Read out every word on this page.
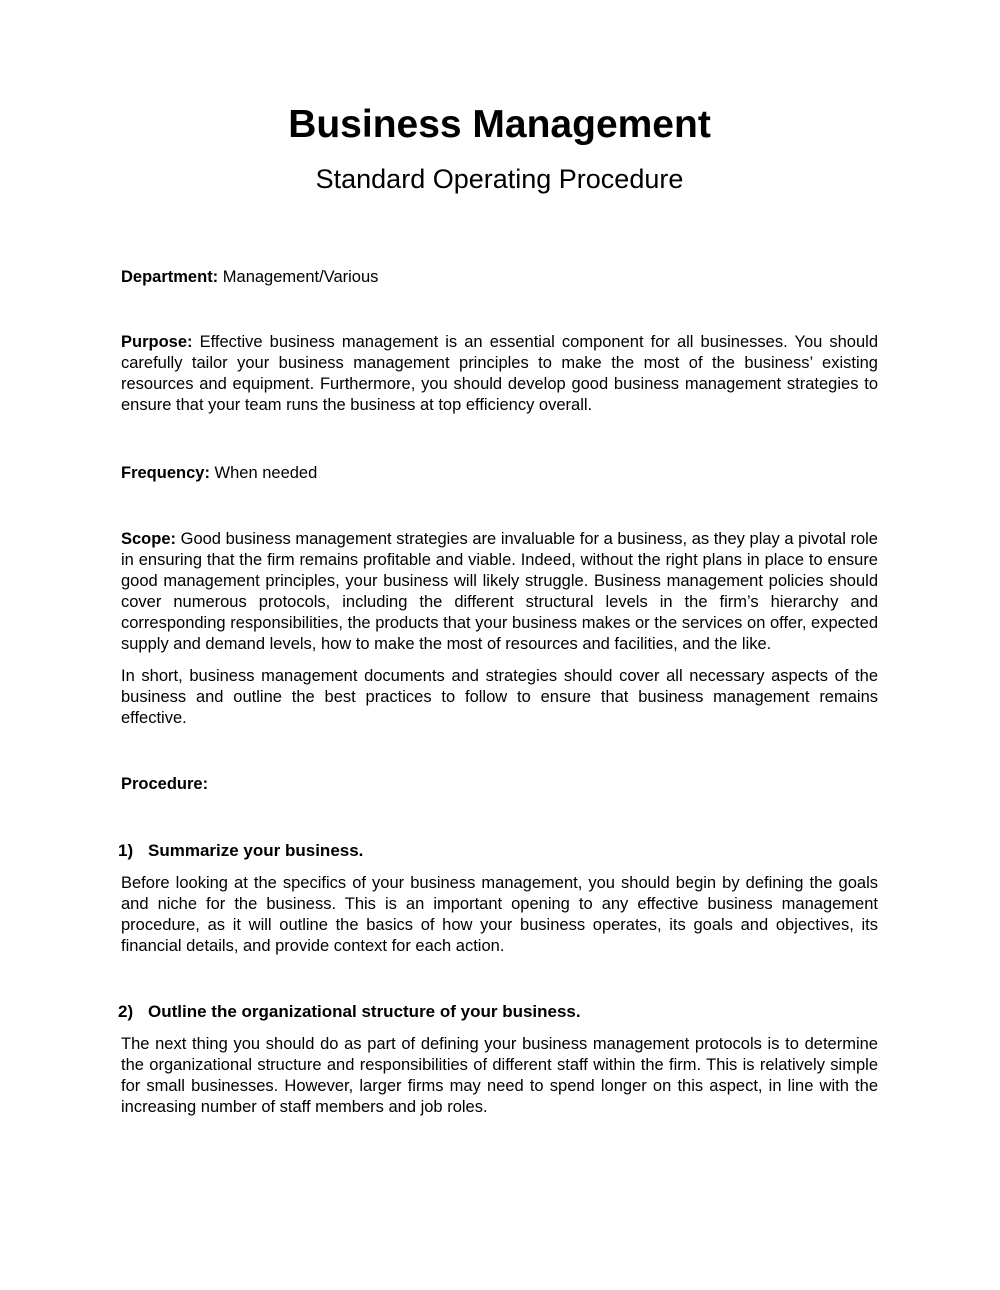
Business Management
Standard Operating Procedure

Department: Management/Various

Purpose: Effective business management is an essential component for all businesses. You should carefully tailor your business management principles to make the most of the business’ existing resources and equipment. Furthermore, you should develop good business management strategies to ensure that your team runs the business at top efficiency overall.

Frequency: When needed

Scope: Good business management strategies are invaluable for a business, as they play a pivotal role in ensuring that the firm remains profitable and viable. Indeed, without the right plans in place to ensure good management principles, your business will likely struggle. Business management policies should cover numerous protocols, including the different structural levels in the firm’s hierarchy and corresponding responsibilities, the products that your business makes or the services on offer, expected supply and demand levels, how to make the most of resources and facilities, and the like.

In short, business management documents and strategies should cover all necessary aspects of the business and outline the best practices to follow to ensure that business management remains effective.

Procedure:

1) Summarize your business.

Before looking at the specifics of your business management, you should begin by defining the goals and niche for the business. This is an important opening to any effective business management procedure, as it will outline the basics of how your business operates, its goals and objectives, its financial details, and provide context for each action.

2) Outline the organizational structure of your business.

The next thing you should do as part of defining your business management protocols is to determine the organizational structure and responsibilities of different staff within the firm. This is relatively simple for small businesses. However, larger firms may need to spend longer on this aspect, in line with the increasing number of staff members and job roles.
